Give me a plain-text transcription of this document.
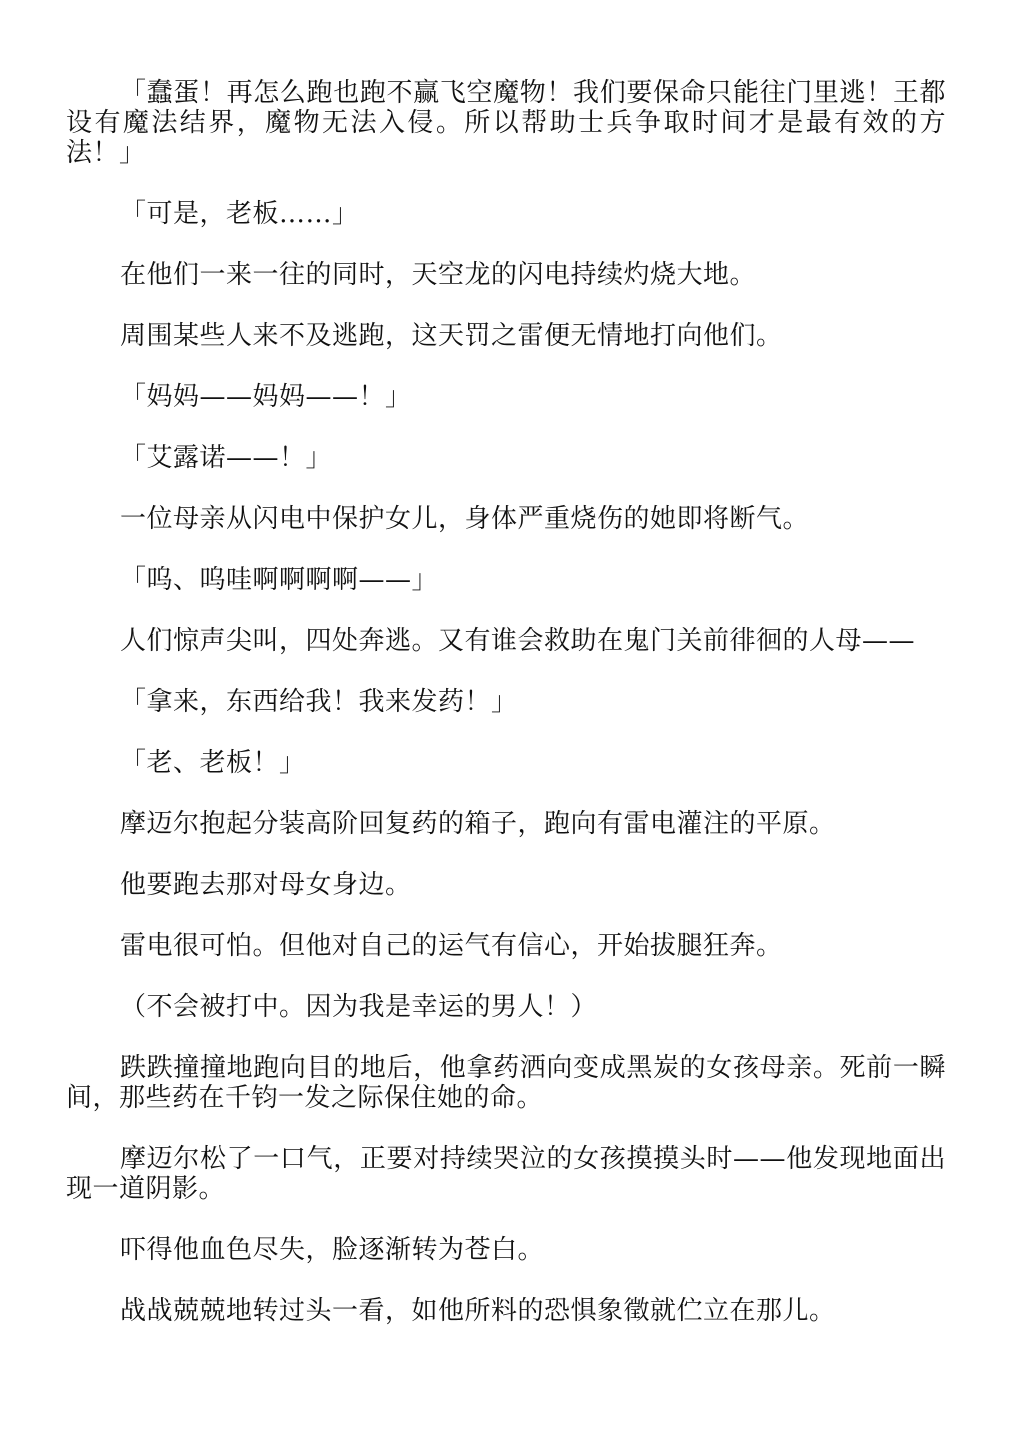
「蠢蛋！再怎么跑也跑不赢飞空魔物！我们要保命只能往门里逃！王都设有魔法结界，魔物无法入侵。所以帮助士兵争取时间才是最有效的方法！」

「可是，老板……」

在他们一来一往的同时，天空龙的闪电持续灼烧大地。

周围某些人来不及逃跑，这天罚之雷便无情地打向他们。

「妈妈——妈妈——！」

「艾露诺——！」

一位母亲从闪电中保护女儿，身体严重烧伤的她即将断气。

「呜、呜哇啊啊啊啊——」

人们惊声尖叫，四处奔逃。又有谁会救助在鬼门关前徘徊的人母——

「拿来，东西给我！我来发药！」

「老、老板！」

摩迈尔抱起分装高阶回复药的箱子，跑向有雷电灌注的平原。

他要跑去那对母女身边。

雷电很可怕。但他对自己的运气有信心，开始拔腿狂奔。

（不会被打中。因为我是幸运的男人！）

跌跌撞撞地跑向目的地后，他拿药洒向变成黑炭的女孩母亲。死前一瞬间，那些药在千钧一发之际保住她的命。

摩迈尔松了一口气，正要对持续哭泣的女孩摸摸头时——他发现地面出现一道阴影。

吓得他血色尽失，脸逐渐转为苍白。

战战兢兢地转过头一看，如他所料的恐惧象徵就伫立在那儿。
